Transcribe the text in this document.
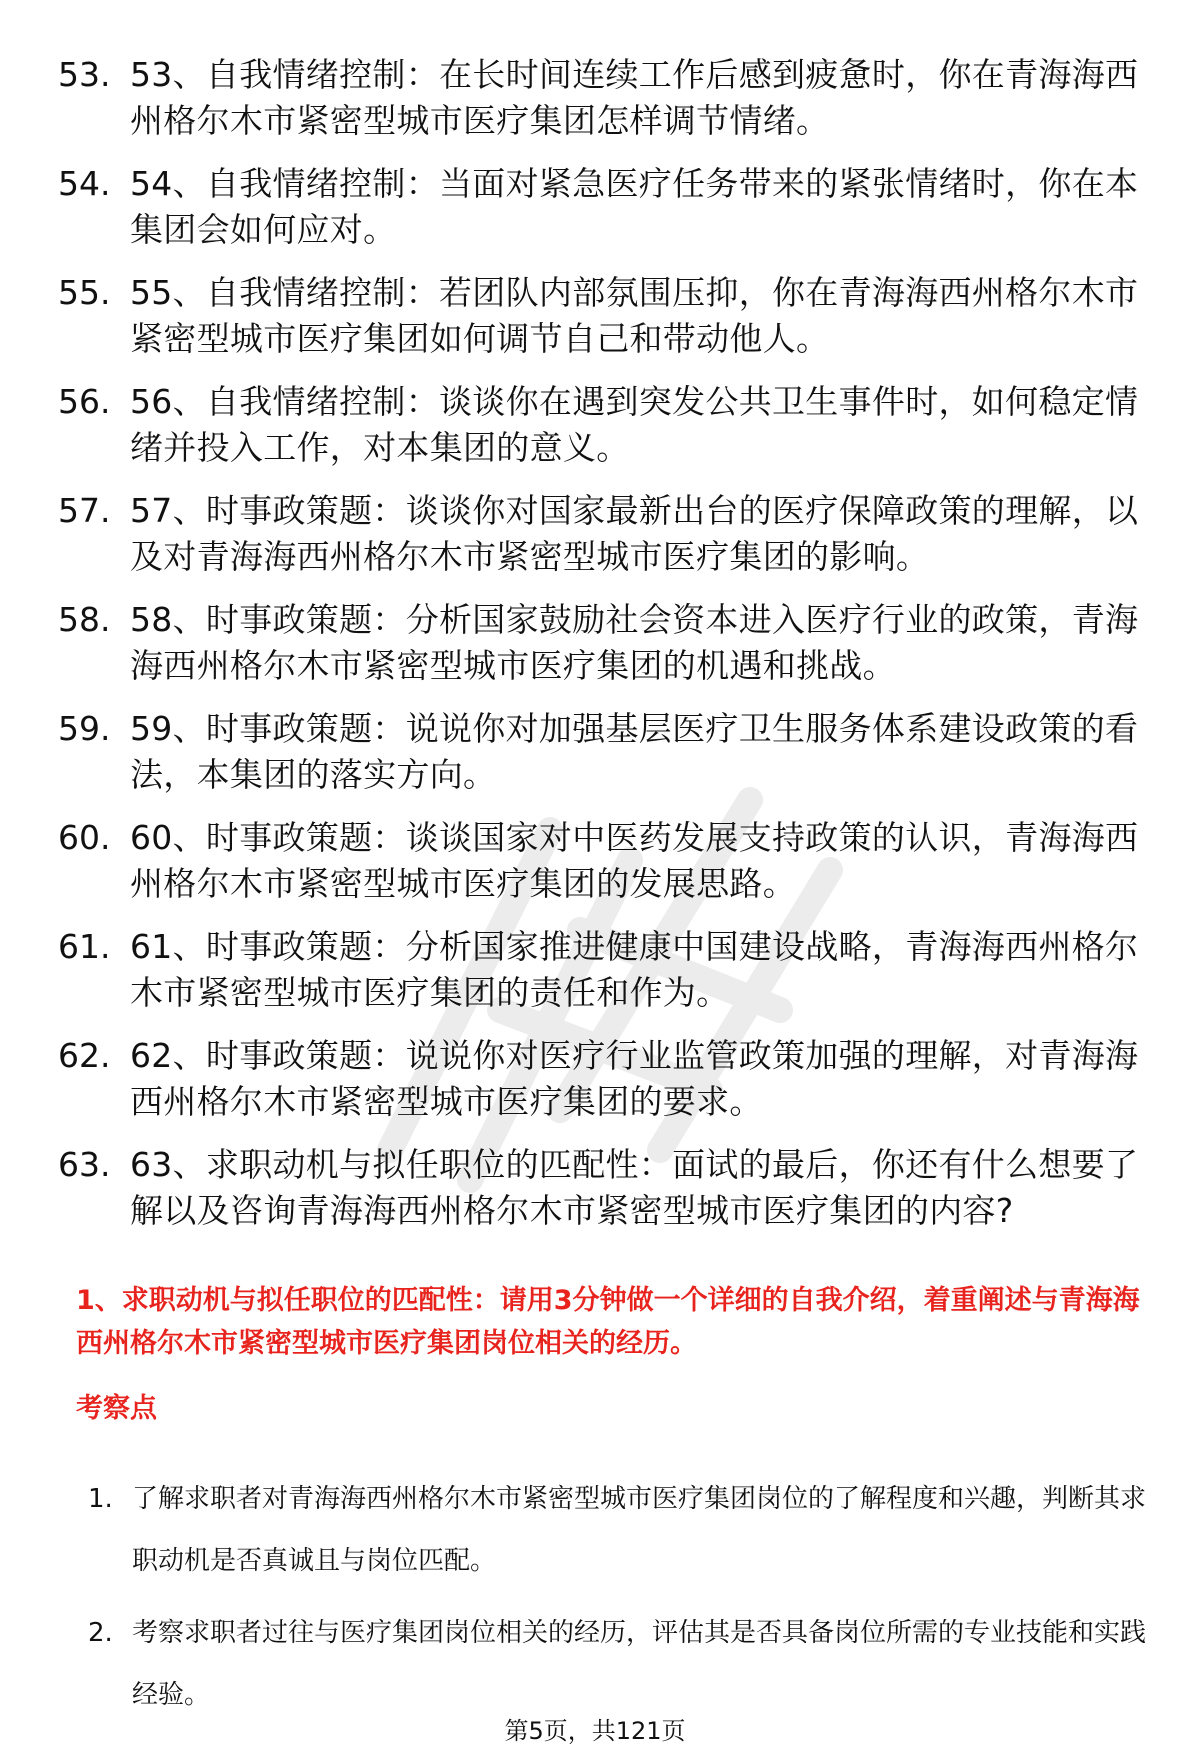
53. 53、自我情绪控制：在长时间连续工作后感到疲惫时，你在青海海西州格尔木市紧密型城市医疗集团怎样调节情绪。
54. 54、自我情绪控制：当面对紧急医疗任务带来的紧张情绪时，你在本集团会如何应对。
55. 55、自我情绪控制：若团队内部氛围压抑，你在青海海西州格尔木市紧密型城市医疗集团如何调节自己和带动他人。
56. 56、自我情绪控制：谈谈你在遇到突发公共卫生事件时，如何稳定情绪并投入工作，对本集团的意义。
57. 57、时事政策题：谈谈你对国家最新出台的医疗保障政策的理解，以及对青海海西州格尔木市紧密型城市医疗集团的影响。
58. 58、时事政策题：分析国家鼓励社会资本进入医疗行业的政策，青海海西州格尔木市紧密型城市医疗集团的机遇和挑战。
59. 59、时事政策题：说说你对加强基层医疗卫生服务体系建设政策的看法，本集团的落实方向。
60. 60、时事政策题：谈谈国家对中医药发展支持政策的认识，青海海西州格尔木市紧密型城市医疗集团的发展思路。
61. 61、时事政策题：分析国家推进健康中国建设战略，青海海西州格尔木市紧密型城市医疗集团的责任和作为。
62. 62、时事政策题：说说你对医疗行业监管政策加强的理解，对青海海西州格尔木市紧密型城市医疗集团的要求。
63. 63、求职动机与拟任职位的匹配性：面试的最后，你还有什么想要了解以及咨询青海海西州格尔木市紧密型城市医疗集团的内容?
1、求职动机与拟任职位的匹配性：请用3分钟做一个详细的自我介绍，着重阐述与青海海西州格尔木市紧密型城市医疗集团岗位相关的经历。
考察点
1. 了解求职者对青海海西州格尔木市紧密型城市医疗集团岗位的了解程度和兴趣，判断其求职动机是否真诚且与岗位匹配。
2. 考察求职者过往与医疗集团岗位相关的经历，评估其是否具备岗位所需的专业技能和实践经验。
第5页，共121页
